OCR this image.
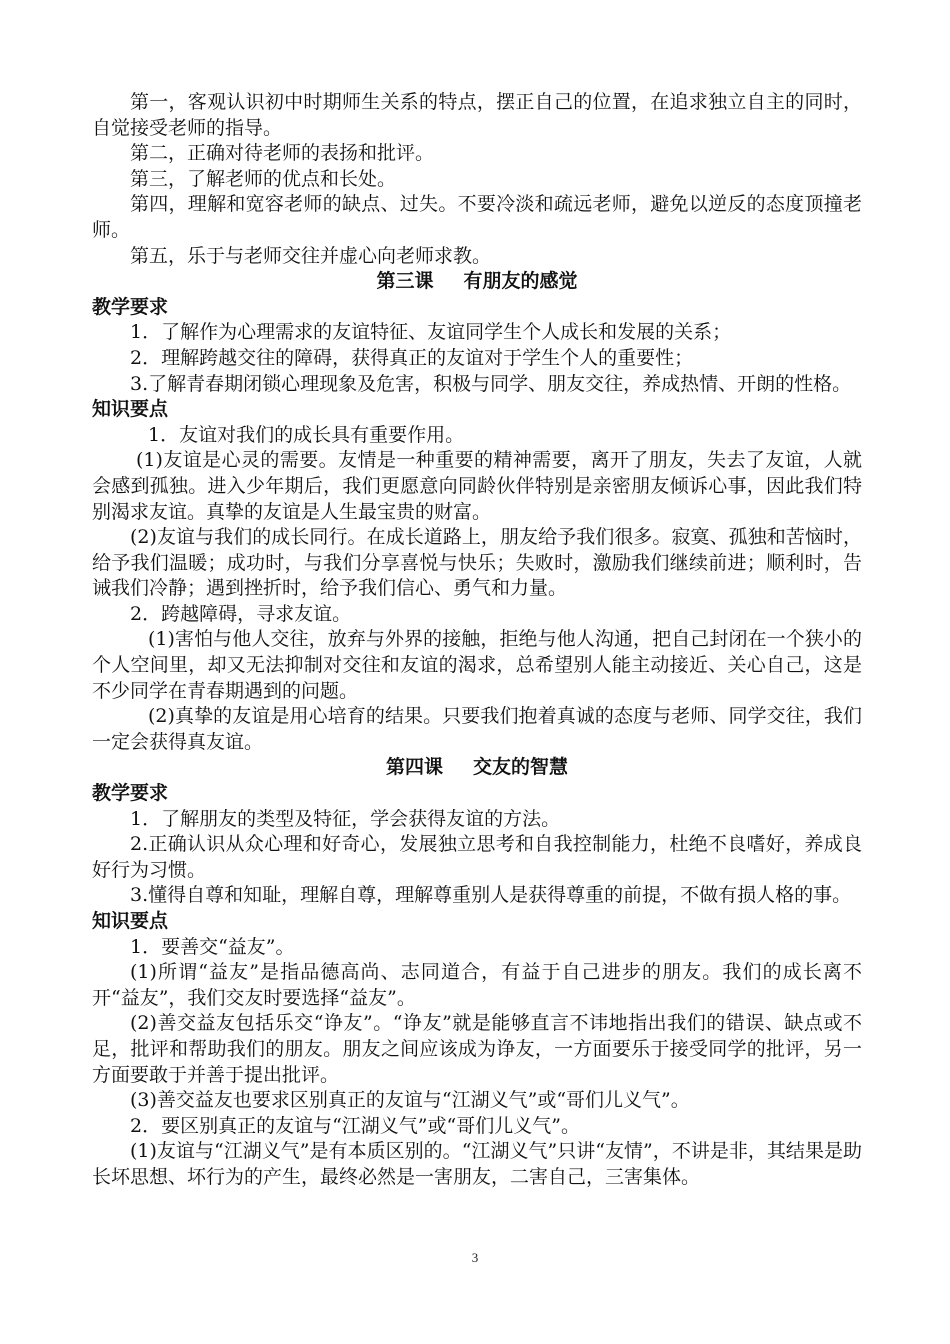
第一，客观认识初中时期师生关系的特点，摆正自己的位置，在追求独立自主的同时，自觉接受老师的指导。

第二，正确对待老师的表扬和批评。

第三，了解老师的优点和长处。

第四，理解和宽容老师的缺点、过失。不要冷淡和疏远老师，避免以逆反的态度顶撞老师。

第五，乐于与老师交往并虚心向老师求教。

第三课 有朋友的感觉

教学要求

1．了解作为心理需求的友谊特征、友谊同学生个人成长和发展的关系；

2．理解跨越交往的障碍，获得真正的友谊对于学生个人的重要性；

3.了解青春期闭锁心理现象及危害，积极与同学、朋友交往，养成热情、开朗的性格。

知识要点

1．友谊对我们的成长具有重要作用。

(1)友谊是心灵的需要。友情是一种重要的精神需要，离开了朋友，失去了友谊，人就会感到孤独。进入少年期后，我们更愿意向同龄伙伴特别是亲密朋友倾诉心事，因此我们特别渴求友谊。真挚的友谊是人生最宝贵的财富。

(2)友谊与我们的成长同行。在成长道路上，朋友给予我们很多。寂寞、孤独和苦恼时，给予我们温暖；成功时，与我们分享喜悦与快乐；失败时，激励我们继续前进；顺利时，告诫我们冷静；遇到挫折时，给予我们信心、勇气和力量。

2．跨越障碍，寻求友谊。

(1)害怕与他人交往，放弃与外界的接触，拒绝与他人沟通，把自己封闭在一个狭小的个人空间里，却又无法抑制对交往和友谊的渴求，总希望别人能主动接近、关心自己，这是不少同学在青春期遇到的问题。

(2)真挚的友谊是用心培育的结果。只要我们抱着真诚的态度与老师、同学交往，我们一定会获得真友谊。

第四课 交友的智慧

教学要求

1．了解朋友的类型及特征，学会获得友谊的方法。

2.正确认识从众心理和好奇心，发展独立思考和自我控制能力，杜绝不良嗜好，养成良好行为习惯。

3.懂得自尊和知耻，理解自尊，理解尊重别人是获得尊重的前提，不做有损人格的事。

知识要点

1．要善交“益友”。

(1)所谓“益友”是指品德高尚、志同道合，有益于自己进步的朋友。我们的成长离不开“益友”，我们交友时要选择“益友”。

(2)善交益友包括乐交“诤友”。“诤友”就是能够直言不讳地指出我们的错误、缺点或不足，批评和帮助我们的朋友。朋友之间应该成为诤友，一方面要乐于接受同学的批评，另一方面要敢于并善于提出批评。

(3)善交益友也要求区别真正的友谊与“江湖义气”或“哥们儿义气”。

2．要区别真正的友谊与“江湖义气”或“哥们儿义气”。

(1)友谊与“江湖义气”是有本质区别的。“江湖义气”只讲“友情”，不讲是非，其结果是助长坏思想、坏行为的产生，最终必然是一害朋友，二害自己，三害集体。

3
